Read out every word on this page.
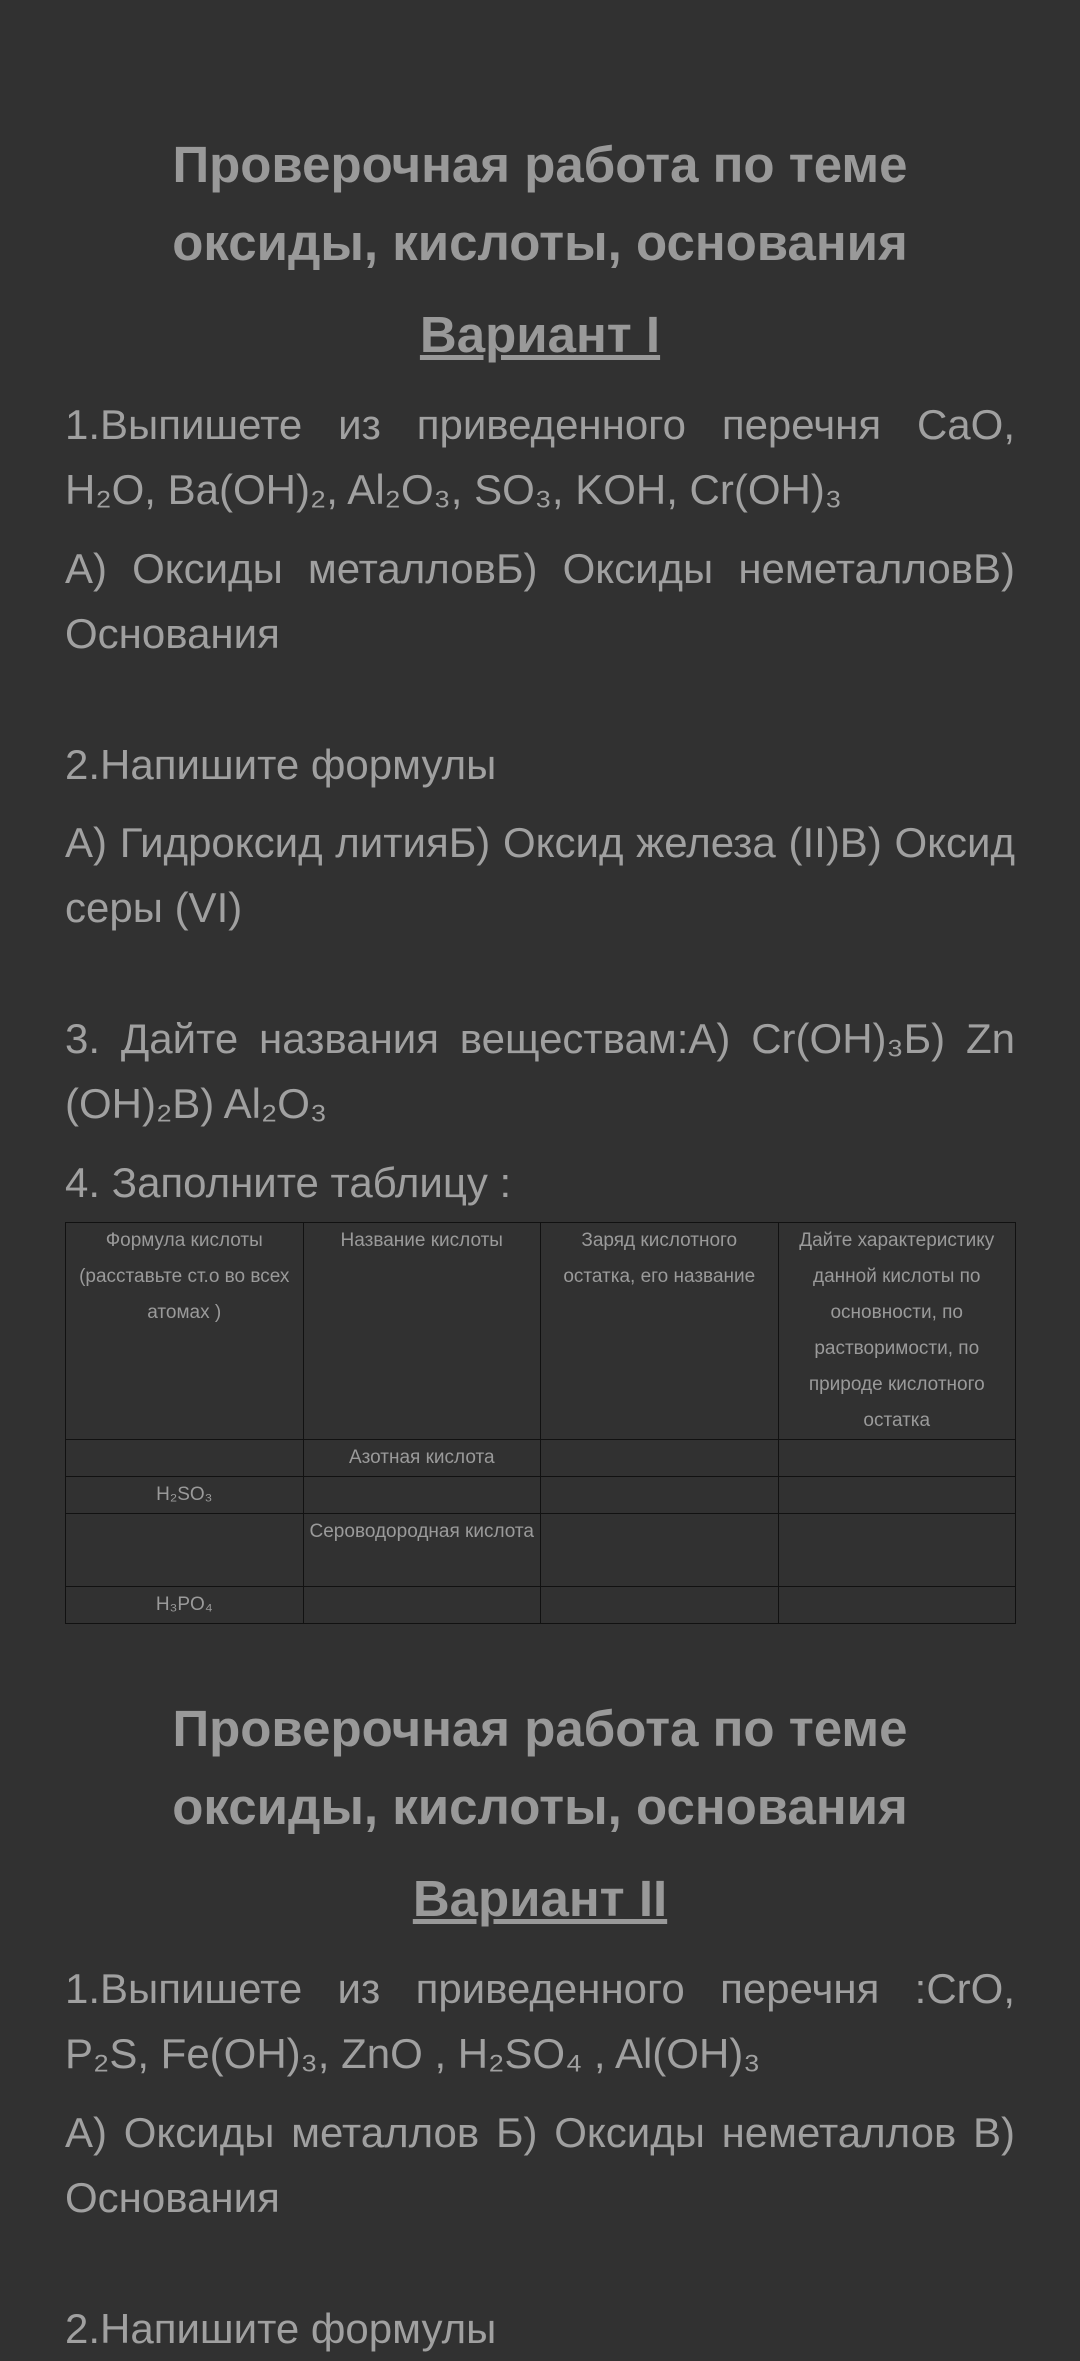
Проверочная работа по теме
оксиды, кислоты, основания
Вариант I
1.Выпишете из приведенного перечня CaO, H₂O, Ba(OH)₂, Al₂O₃, SO₃, KOH, Cr(OH)₃
А) Оксиды металловБ) Оксиды неметалловВ) Основания
2.Напишите формулы
А) Гидроксид литияБ) Оксид железа (II)В) Оксид серы (VI)
3. Дайте названия веществам:А) Cr(OH)₃Б) Zn (OH)₂В) Al₂O₃
4. Заполните таблицу :
Формула кислоты (расставьте ст.о во всех атомах )	Название кислоты	Заряд кислотного остатка, его название	Дайте характеристику данной кислоты по основности, по растворимости, по природе кислотного остатка
	Азотная кислота		
H₂SO₃			
	Сероводородная кислота		
H₃PO₄			
Проверочная работа по теме
оксиды, кислоты, основания
Вариант II
1.Выпишете из приведенного перечня :CrO, P₂S, Fe(OH)₃, ZnO , H₂SO₄ , Al(OH)₃
А) Оксиды металлов Б) Оксиды неметаллов В) Основания
2.Напишите формулы
